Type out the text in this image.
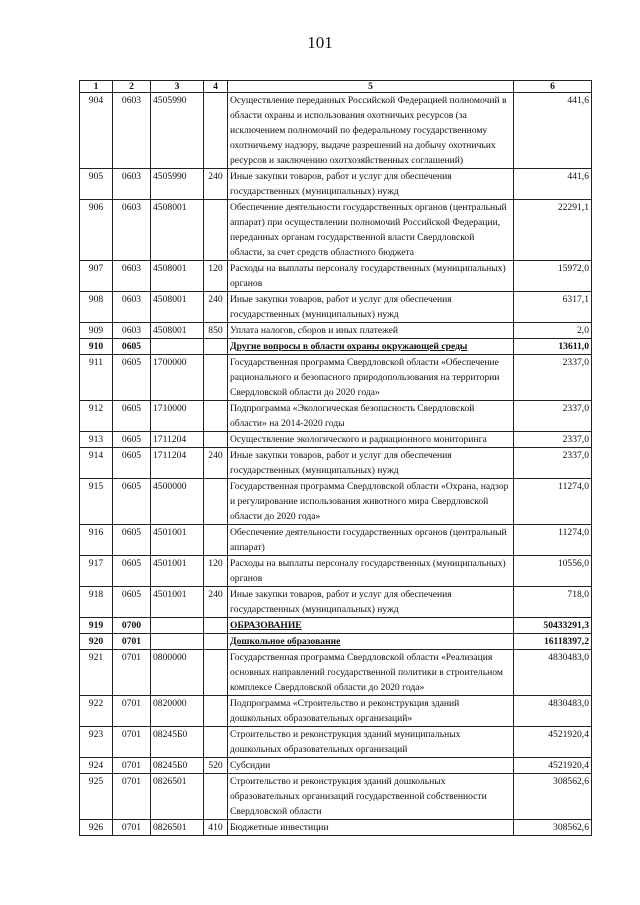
101
1	2	3	4	5	6
904	0603	4505990		Осуществление переданных Российской Федерацией полномочий в области охраны и использования охотничьих ресурсов (за исключением полномочий по федеральному государственному охотничьему надзору, выдаче разрешений на добычу охотничьих ресурсов и заключению охотхозяйственных соглашений)	441,6
905	0603	4505990	240	Иные закупки товаров, работ и услуг для обеспечения государственных (муниципальных) нужд	441,6
906	0603	4508001		Обеспечение деятельности государственных органов (центральный аппарат) при осуществлении полномочий Российской Федерации, переданных органам государственной власти Свердловской области, за счет средств областного бюджета	22291,1
907	0603	4508001	120	Расходы на выплаты персоналу государственных (муниципальных) органов	15972,0
908	0603	4508001	240	Иные закупки товаров, работ и услуг для обеспечения государственных (муниципальных) нужд	6317,1
909	0603	4508001	850	Уплата налогов, сборов и иных платежей	2,0
910	0605			Другие вопросы в области охраны окружающей среды	13611,0
911	0605	1700000		Государственная программа Свердловской области «Обеспечение рационального и безопасного природопользования на территории Свердловской области до 2020 года»	2337,0
912	0605	1710000		Подпрограмма «Экологическая безопасность Свердловской области» на 2014-2020 годы	2337,0
913	0605	1711204		Осуществление экологического и радиационного мониторинга	2337,0
914	0605	1711204	240	Иные закупки товаров, работ и услуг для обеспечения государственных (муниципальных) нужд	2337,0
915	0605	4500000		Государственная программа Свердловской области «Охрана, надзор и регулирование использования животного мира Свердловской области до 2020 года»	11274,0
916	0605	4501001		Обеспечение деятельности государственных органов (центральный аппарат)	11274,0
917	0605	4501001	120	Расходы на выплаты персоналу государственных (муниципальных) органов	10556,0
918	0605	4501001	240	Иные закупки товаров, работ и услуг для обеспечения государственных (муниципальных) нужд	718,0
919	0700			ОБРАЗОВАНИЕ	50433291,3
920	0701			Дошкольное образование	16118397,2
921	0701	0800000		Государственная программа Свердловской области «Реализация основных направлений государственной политики в строительном комплексе Свердловской области до 2020 года»	4830483,0
922	0701	0820000		Подпрограмма «Строительство и реконструкция зданий дошкольных образовательных организаций»	4830483,0
923	0701	08245Б0		Строительство и реконструкция зданий муниципальных дошкольных образовательных организаций	4521920,4
924	0701	08245Б0	520	Субсидии	4521920,4
925	0701	0826501		Строительство и реконструкция зданий дошкольных образовательных организаций государственной собственности Свердловской области	308562,6
926	0701	0826501	410	Бюджетные инвестиции	308562,6
